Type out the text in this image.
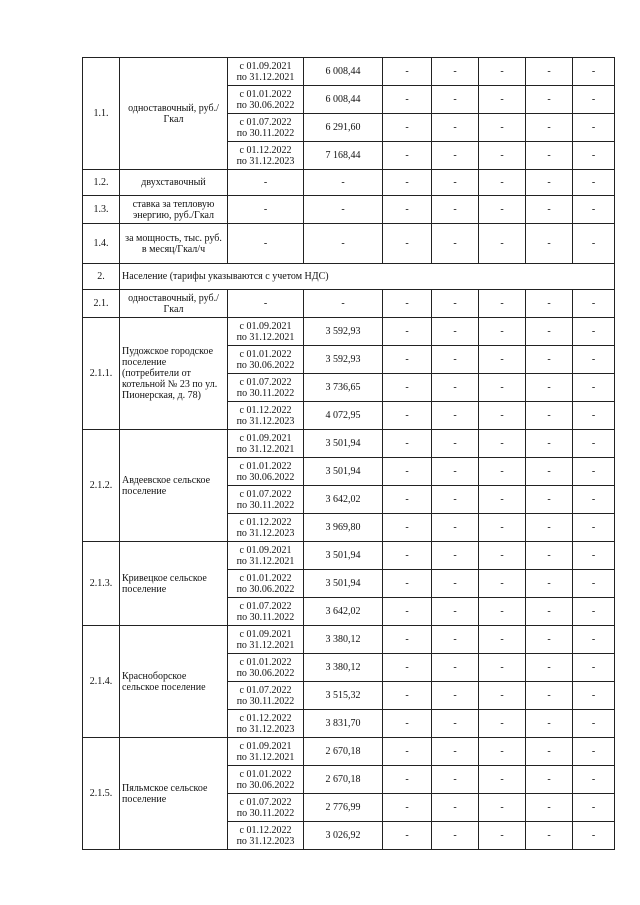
1.1.	одноставочный, руб./Гкал	с 01.09.2021
по 31.12.2021	6 008,44	-	-	-	-	-

		с 01.01.2022
по 30.06.2022	6 008,44	-	-	-	-	-

		с 01.07.2022
по 30.11.2022	6 291,60	-	-	-	-	-

		с 01.12.2022
по 31.12.2023	7 168,44	-	-	-	-	-
1.2.	двухставочный	-	-	-	-	-	-	-
1.3.	ставка за тепловую энергию, руб./Гкал	-	-	-	-	-	-	-
1.4.	за мощность, тыс. руб. в месяц/Гкал/ч	-	-	-	-	-	-	-
2.	Население (тарифы указываются с учетом НДС)							
2.1.	одноставочный, руб./Гкал	-	-	-	-	-	-	-
2.1.1.	Пудожское городское поселение (потребители от котельной № 23 по ул. Пионерская, д. 78)	с 01.09.2021
по 31.12.2021	3 592,93	-	-	-	-	-

		с 01.01.2022
по 30.06.2022	3 592,93	-	-	-	-	-

		с 01.07.2022
по 30.11.2022	3 736,65	-	-	-	-	-

		с 01.12.2022
по 31.12.2023	4 072,95	-	-	-	-	-
2.1.2.	Авдеевское сельское поселение	с 01.09.2021
по 31.12.2021	3 501,94	-	-	-	-	-

		с 01.01.2022
по 30.06.2022	3 501,94	-	-	-	-	-

		с 01.07.2022
по 30.11.2022	3 642,02	-	-	-	-	-

		с 01.12.2022
по 31.12.2023	3 969,80	-	-	-	-	-
2.1.3.	Кривецкое сельское поселение	с 01.09.2021
по 31.12.2021	3 501,94	-	-	-	-	-

		с 01.01.2022
по 30.06.2022	3 501,94	-	-	-	-	-

		с 01.07.2022
по 30.11.2022	3 642,02	-	-	-	-	-
2.1.4.	Красноборское сельское поселение	с 01.09.2021
по 31.12.2021	3 380,12	-	-	-	-	-

		с 01.01.2022
по 30.06.2022	3 380,12	-	-	-	-	-

		с 01.07.2022
по 30.11.2022	3 515,32	-	-	-	-	-

		с 01.12.2022
по 31.12.2023	3 831,70	-	-	-	-	-
2.1.5.	Пяльмское сельское поселение	с 01.09.2021
по 31.12.2021	2 670,18	-	-	-	-	-

		с 01.01.2022
по 30.06.2022	2 670,18	-	-	-	-	-

		с 01.07.2022
по 30.11.2022	2 776,99	-	-	-	-	-

		с 01.12.2022
по 31.12.2023	3 026,92	-	-	-	-	-
